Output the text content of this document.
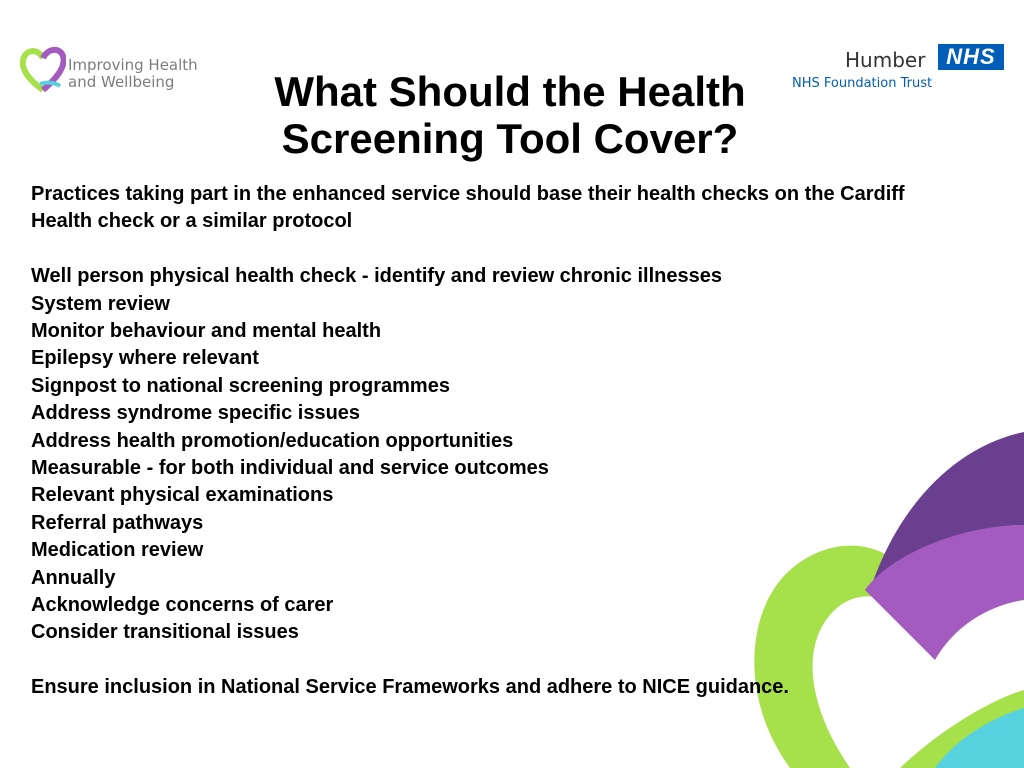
Improving Health
and Wellbeing
Humber NHS
NHS Foundation Trust
What Should the Health
Screening Tool Cover?
Practices taking part in the enhanced service should base their health checks on the Cardiff
Health check or a similar protocol
Well person physical health check - identify and review chronic illnesses
System review
Monitor behaviour and mental health
Epilepsy where relevant
Signpost to national screening programmes
Address syndrome specific issues
Address health promotion/education opportunities
Measurable - for both individual and service outcomes
Relevant physical examinations
Referral pathways
Medication review
Annually
Acknowledge concerns of carer
Consider transitional issues
Ensure inclusion in National Service Frameworks and adhere to NICE guidance.
